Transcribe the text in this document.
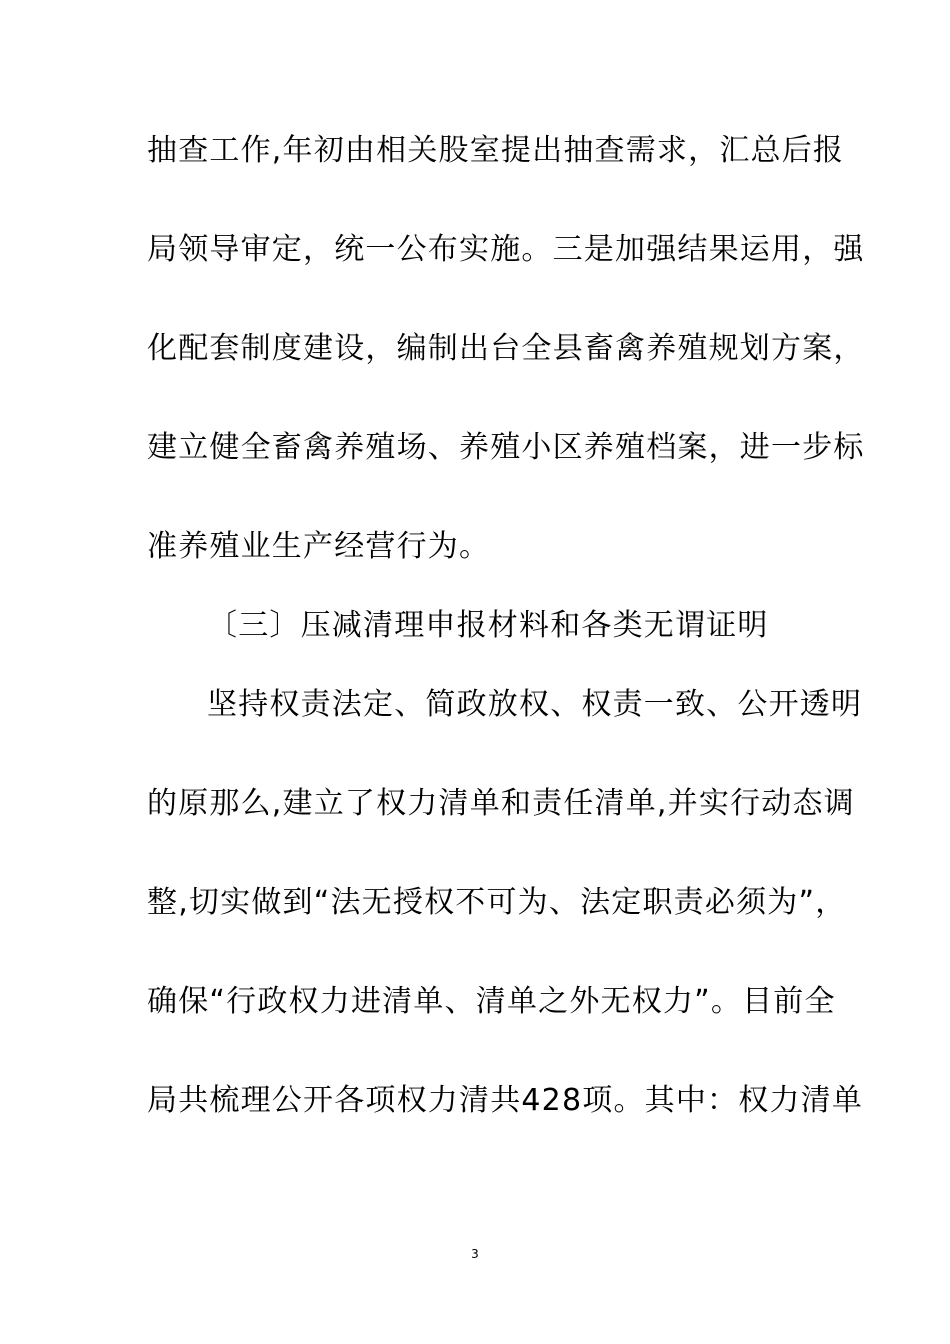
抽查工作,年初由相关股室提出抽查需求，汇总后报
局领导审定，统一公布实施。三是加强结果运用，强
化配套制度建设，编制出台全县畜禽养殖规划方案，
建立健全畜禽养殖场、养殖小区养殖档案，进一步标
准养殖业生产经营行为。
〔三〕压减清理申报材料和各类无谓证明
坚持权责法定、简政放权、权责一致、公开透明
的原那么,建立了权力清单和责任清单,并实行动态调
整,切实做到“法无授权不可为、法定职责必须为”，
确保“行政权力进清单、清单之外无权力”。目前全
局共梳理公开各项权力清共428项。其中：权力清单
3
